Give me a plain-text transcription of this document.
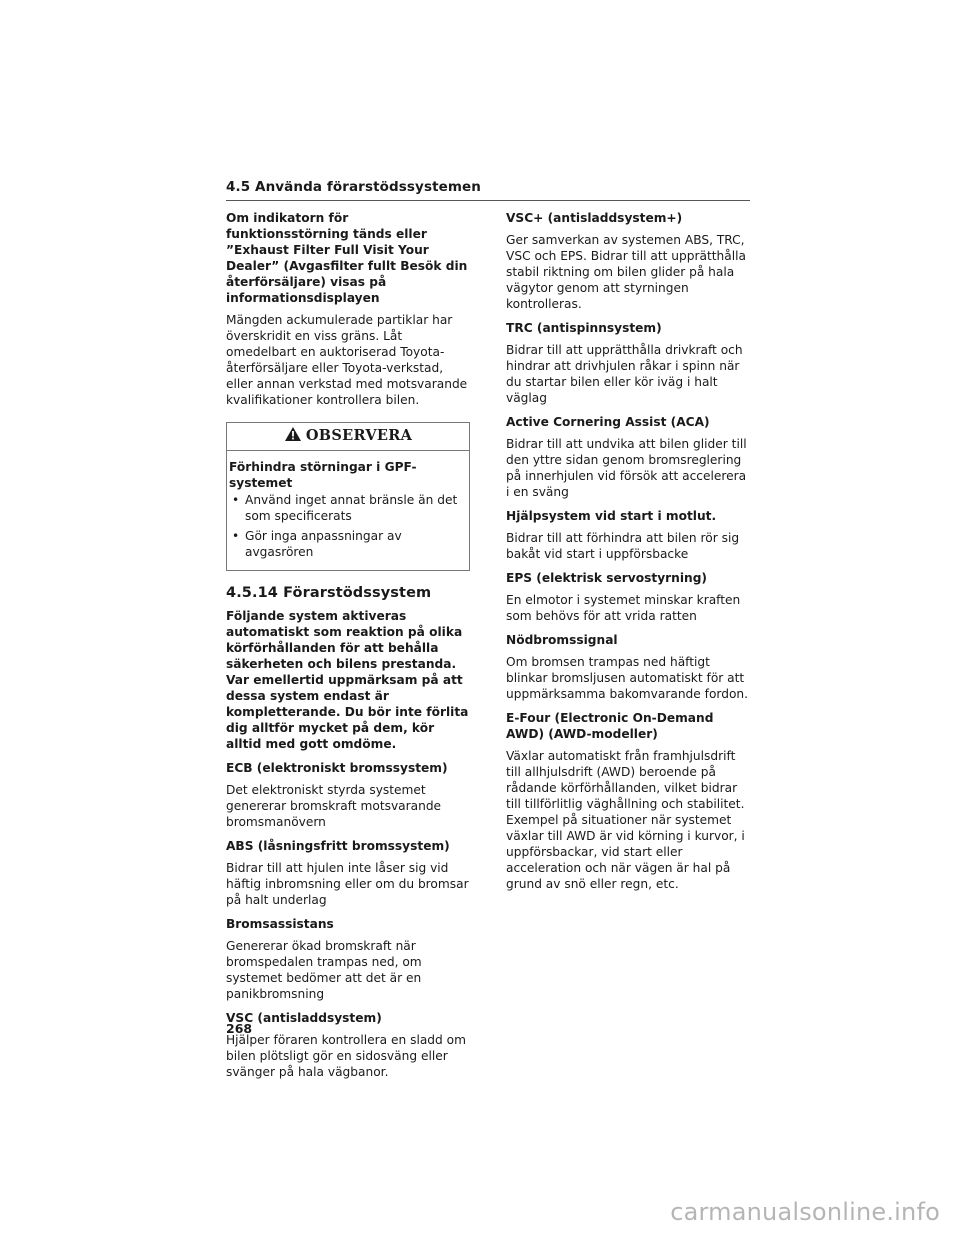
4.5 Använda förarstödssystemen

Om indikatorn för funktionsstörning tänds eller ”Exhaust Filter Full Visit Your Dealer” (Avgasfilter fullt Besök din återförsäljare) visas på informationsdisplayen

Mängden ackumulerade partiklar har överskridit en viss gräns. Låt omedelbart en auktoriserad Toyota-återförsäljare eller Toyota-verkstad, eller annan verkstad med motsvarande kvalifikationer kontrollera bilen.

OBSERVERA

Förhindra störningar i GPF-systemet

• Använd inget annat bränsle än det som specificerats
• Gör inga anpassningar av avgasrören

4.5.14 Förarstödssystem

Följande system aktiveras automatiskt som reaktion på olika körförhållanden för att behålla säkerheten och bilens prestanda. Var emellertid uppmärksam på att dessa system endast är kompletterande. Du bör inte förlita dig alltför mycket på dem, kör alltid med gott omdöme.

ECB (elektroniskt bromssystem)

Det elektroniskt styrda systemet genererar bromskraft motsvarande bromsmanövern

ABS (låsningsfritt bromssystem)

Bidrar till att hjulen inte låser sig vid häftig inbromsning eller om du bromsar på halt underlag

Bromsassistans

Genererar ökad bromskraft när bromspedalen trampas ned, om systemet bedömer att det är en panikbromsning

VSC (antisladdsystem)

Hjälper föraren kontrollera en sladd om bilen plötsligt gör en sidosväng eller svänger på hala vägbanor.

VSC+ (antisladdsystem+)

Ger samverkan av systemen ABS, TRC, VSC och EPS. Bidrar till att upprätthålla stabil riktning om bilen glider på hala vägytor genom att styrningen kontrolleras.

TRC (antispinnsystem)

Bidrar till att upprätthålla drivkraft och hindrar att drivhjulen råkar i spinn när du startar bilen eller kör iväg i halt väglag

Active Cornering Assist (ACA)

Bidrar till att undvika att bilen glider till den yttre sidan genom bromsreglering på innerhjulen vid försök att accelerera i en sväng

Hjälpsystem vid start i motlut.

Bidrar till att förhindra att bilen rör sig bakåt vid start i uppförsbacke

EPS (elektrisk servostyrning)

En elmotor i systemet minskar kraften som behövs för att vrida ratten

Nödbromssignal

Om bromsen trampas ned häftigt blinkar bromsljusen automatiskt för att uppmärksamma bakomvarande fordon.

E-Four (Electronic On-Demand AWD) (AWD-modeller)

Växlar automatiskt från framhjulsdrift till allhjulsdrift (AWD) beroende på rådande körförhållanden, vilket bidrar till tillförlitlig väghållning och stabilitet. Exempel på situationer när systemet växlar till AWD är vid körning i kurvor, i uppförsbackar, vid start eller acceleration och när vägen är hal på grund av snö eller regn, etc.

268
carmanualsonline.info
